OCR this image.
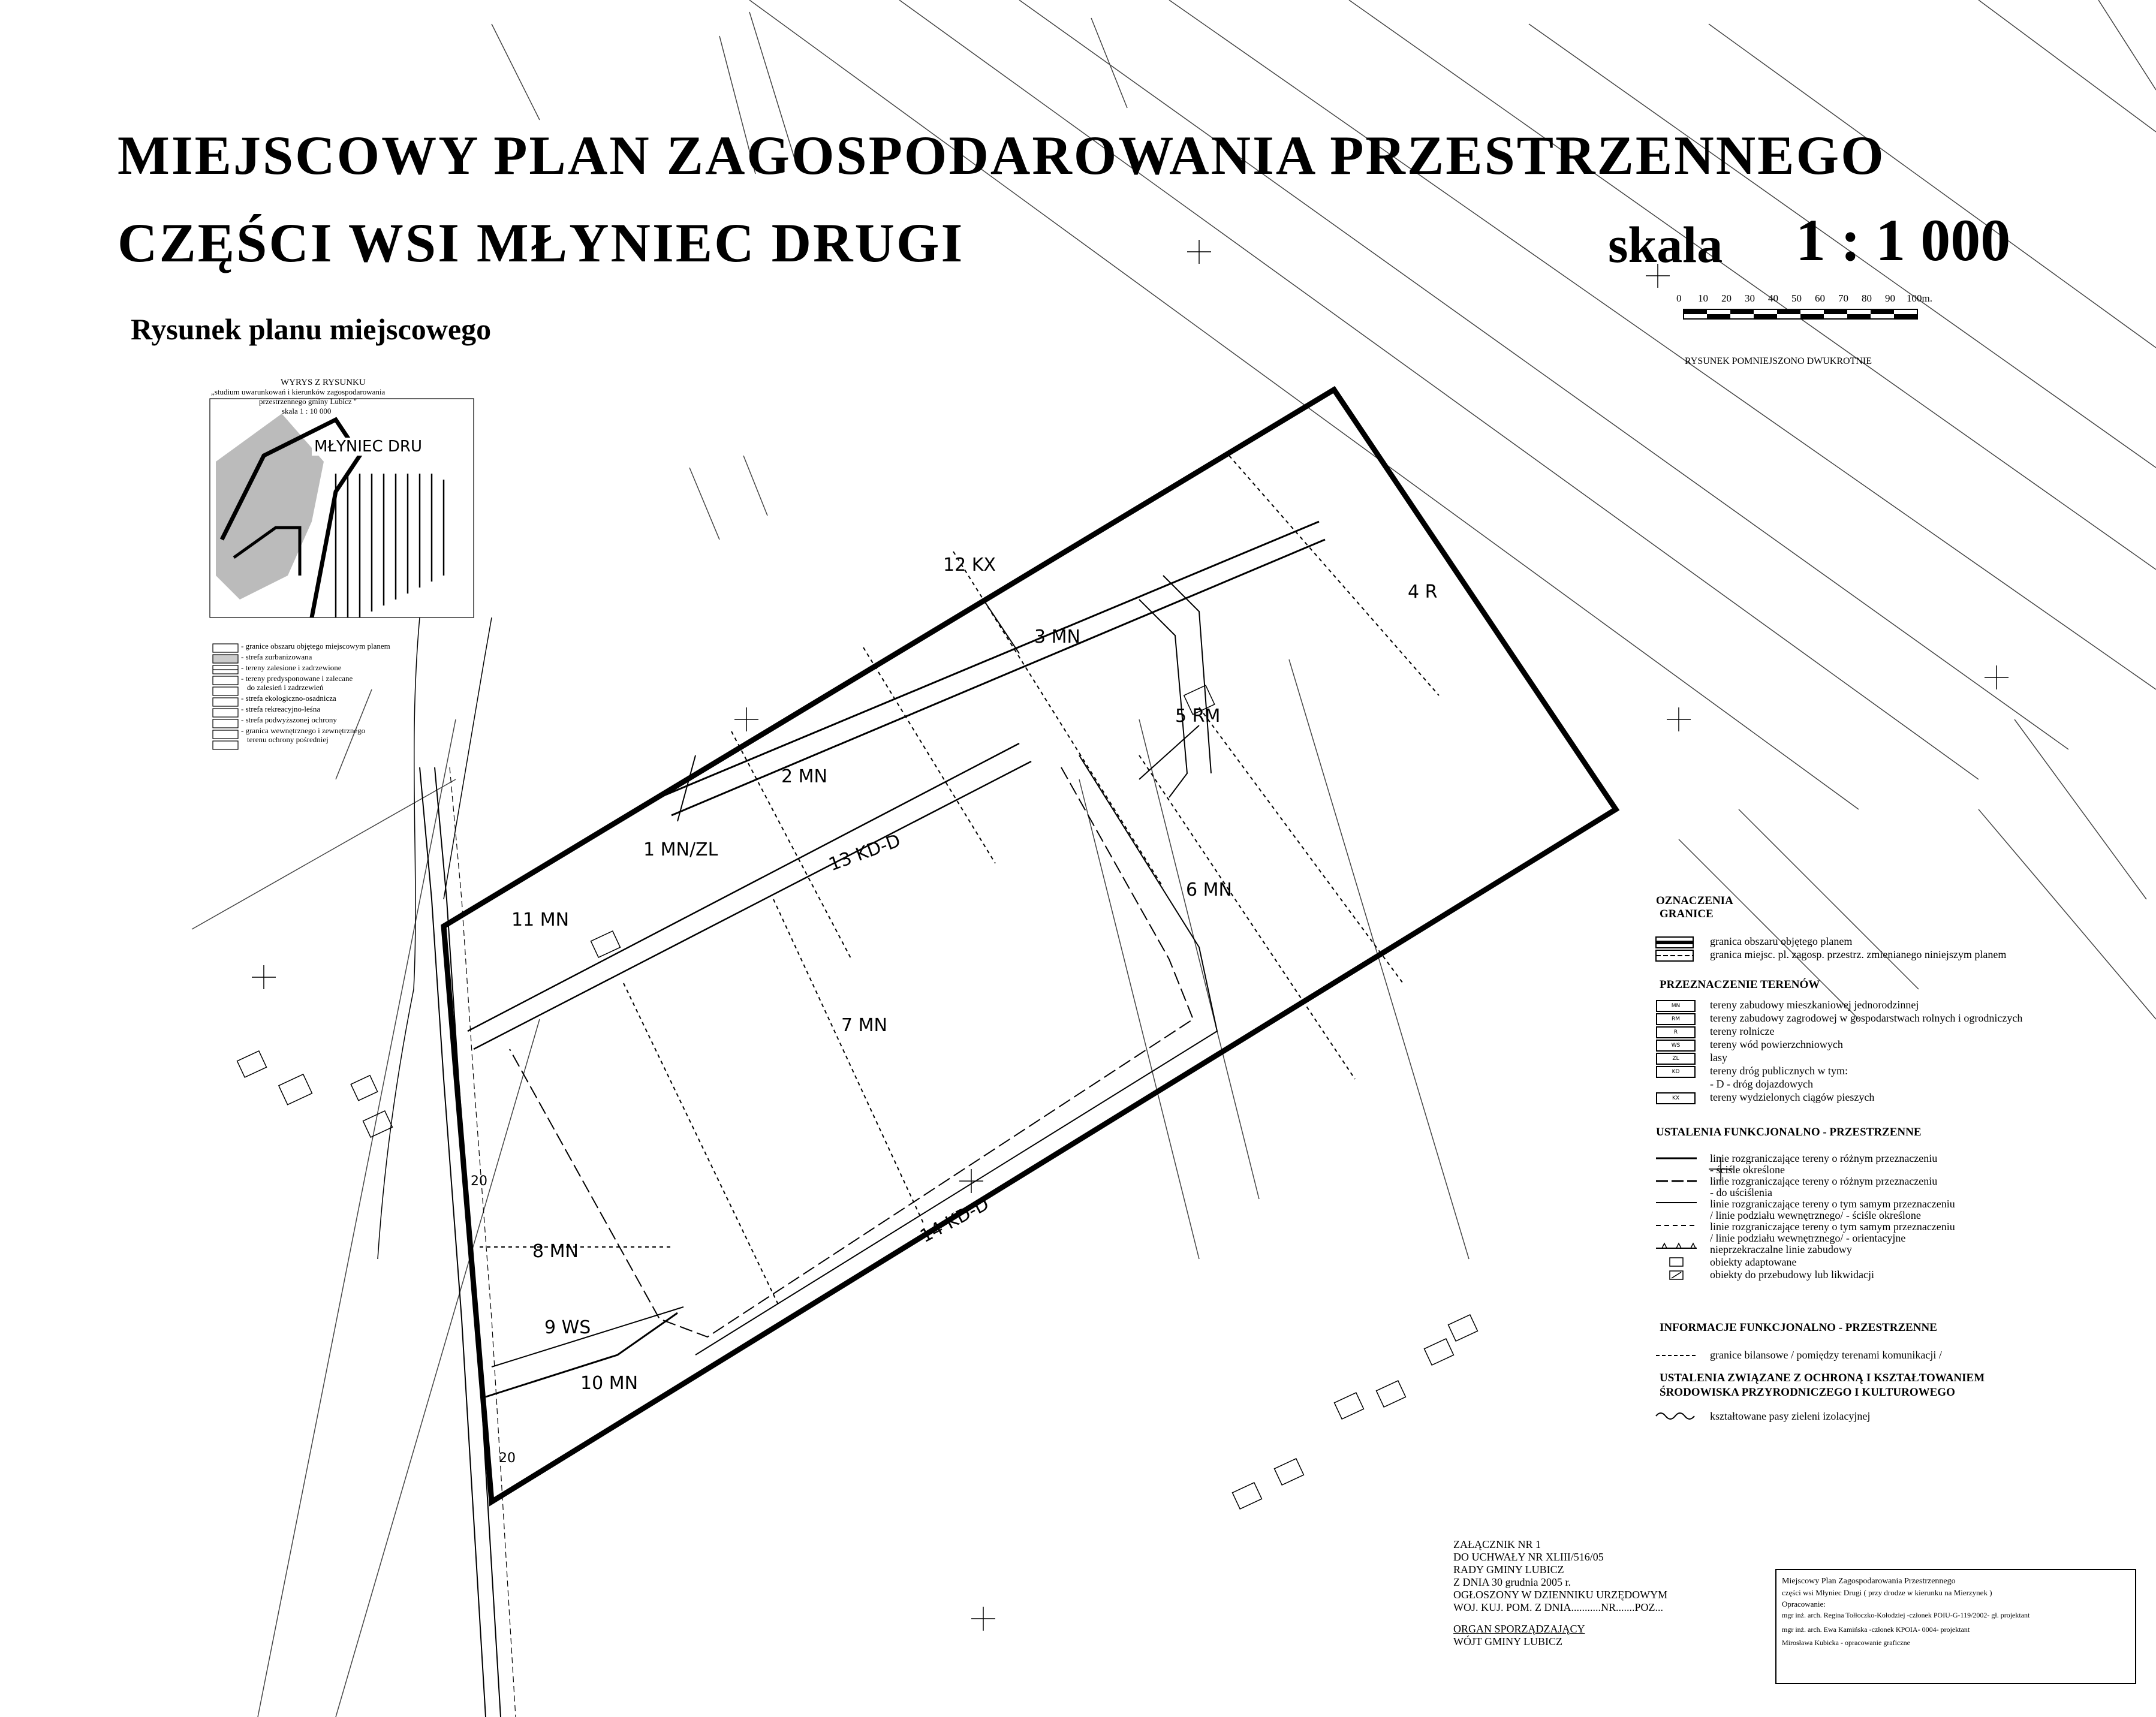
MIEJSCOWY PLAN ZAGOSPODAROWANIA PRZESTRZENNEGO
CZĘŚCI WSI MŁYNIEC DRUGI	skala 1 : 1 000
Rysunek planu miejscowego
0 10 20 30 40 50 60 70 80 90 100m.
RYSUNEK POMNIEJSZONO DWUKROTNIE
WYRYS Z RYSUNKU
„studium uwarunkowań i kierunków zagospodarowania
przestrzennego gminy Lubicz "
skala 1 : 10 000
MŁYNIEC DRU
- granice obszaru objętego miejscowym planem
- strefa zurbanizowana
- tereny zalesione i zadrzewione
- tereny predysponowane i zalecane
do zalesień i zadrzewień
- strefa ekologiczno-osadnicza
- strefa rekreacyjno-leśna
- strefa podwyższonej ochrony
- granica wewnętrznego i zewnętrznego
terenu ochrony pośredniej
12 KX
3 MN
4 R
5 RM
2 MN
1 MN/ZL	13 KD-D
11 MN
6 MN
7 MN
14 KD-D
8 MN
9 WS
10 MN
20
20
OZNACZENIA
GRANICE
granica obszaru objętego planem
granica miejsc. pl. zagosp. przestrz. zmienianego niniejszym planem
PRZEZNACZENIE TERENÓW
MN	tereny zabudowy mieszkaniowej jednorodzinnej
RM	tereny zabudowy zagrodowej w gospodarstwach rolnych i ogrodniczych
R	tereny rolnicze
WS	tereny wód powierzchniowych
ZL	lasy
KD	tereny dróg publicznych w tym:
- D - dróg dojazdowych
KX	tereny wydzielonych ciągów pieszych
USTALENIA FUNKCJONALNO - PRZESTRZENNE
linie rozgraniczające tereny o różnym przeznaczeniu
- ściśle określone
linie rozgraniczające tereny o różnym przeznaczeniu
- do uściślenia
linie rozgraniczające tereny o tym samym przeznaczeniu
/ linie podziału wewnętrznego/ - ściśle określone
linie rozgraniczające tereny o tym samym przeznaczeniu
/ linie podziału wewnętrznego/ - orientacyjne
nieprzekraczalne linie zabudowy
obiekty adaptowane
obiekty do przebudowy lub likwidacji
INFORMACJE FUNKCJONALNO - PRZESTRZENNE
granice bilansowe / pomiędzy terenami komunikacji /
USTALENIA ZWIĄZANE Z OCHRONĄ I KSZTAŁTOWANIEM
ŚRODOWISKA PRZYRODNICZEGO I KULTUROWEGO
kształtowane pasy zieleni izolacyjnej
ZAŁĄCZNIK NR 1
DO UCHWAŁY NR XLIII/516/05
RADY GMINY LUBICZ
Z DNIA 30 grudnia 2005 r.
OGŁOSZONY W DZIENNIKU URZĘDOWYM
WOJ. KUJ. POM. Z DNIA...........NR.......POZ...
ORGAN SPORZĄDZAJĄCY
WÓJT GMINY LUBICZ
Miejscowy Plan Zagospodarowania Przestrzennego
części wsi Młyniec Drugi ( przy drodze w kierunku na Mierzynek )
Opracowanie:
mgr inż. arch. Regina Tołłoczko-Kołodziej -członek POIU-G-119/2002- gł. projektant
mgr inż. arch. Ewa Kamińska -członek KPOIA- 0004- projektant
Mirosława Kubicka - opracowanie graficzne
